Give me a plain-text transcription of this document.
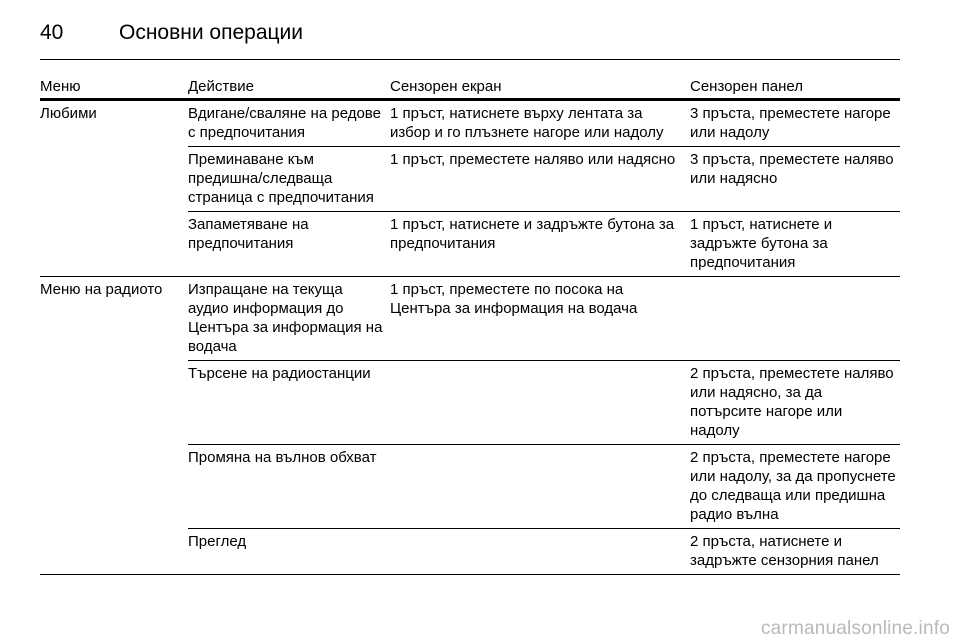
40	Основни операции
Меню	Действие	Сензорен екран	Сензорен панел
Любими	Вдигане/сваляне на редове с предпочитания	1 пръст, натиснете върху лентата за избор и го плъзнете нагоре или надолу	3 пръста, преместете нагоре или надолу
	Преминаване към предишна/следваща страница с предпочитания	1 пръст, преместете наляво или надясно	3 пръста, преместете наляво или надясно
	Запаметяване на предпочитания	1 пръст, натиснете и задръжте бутона за предпочитания	1 пръст, натиснете и задръжте бутона за предпочитания
Меню на радиото	Изпращане на текуща аудио информация до Центъра за информация на водача	1 пръст, преместете по посока на Центъра за информация на водача	
	Търсене на радиостанции		2 пръста, преместете наляво или надясно, за да потърсите нагоре или надолу
	Промяна на вълнов обхват		2 пръста, преместете нагоре или надолу, за да пропуснете до следваща или предишна радио вълна
	Преглед		2 пръста, натиснете и задръжте сензорния панел
carmanualsonline.info
